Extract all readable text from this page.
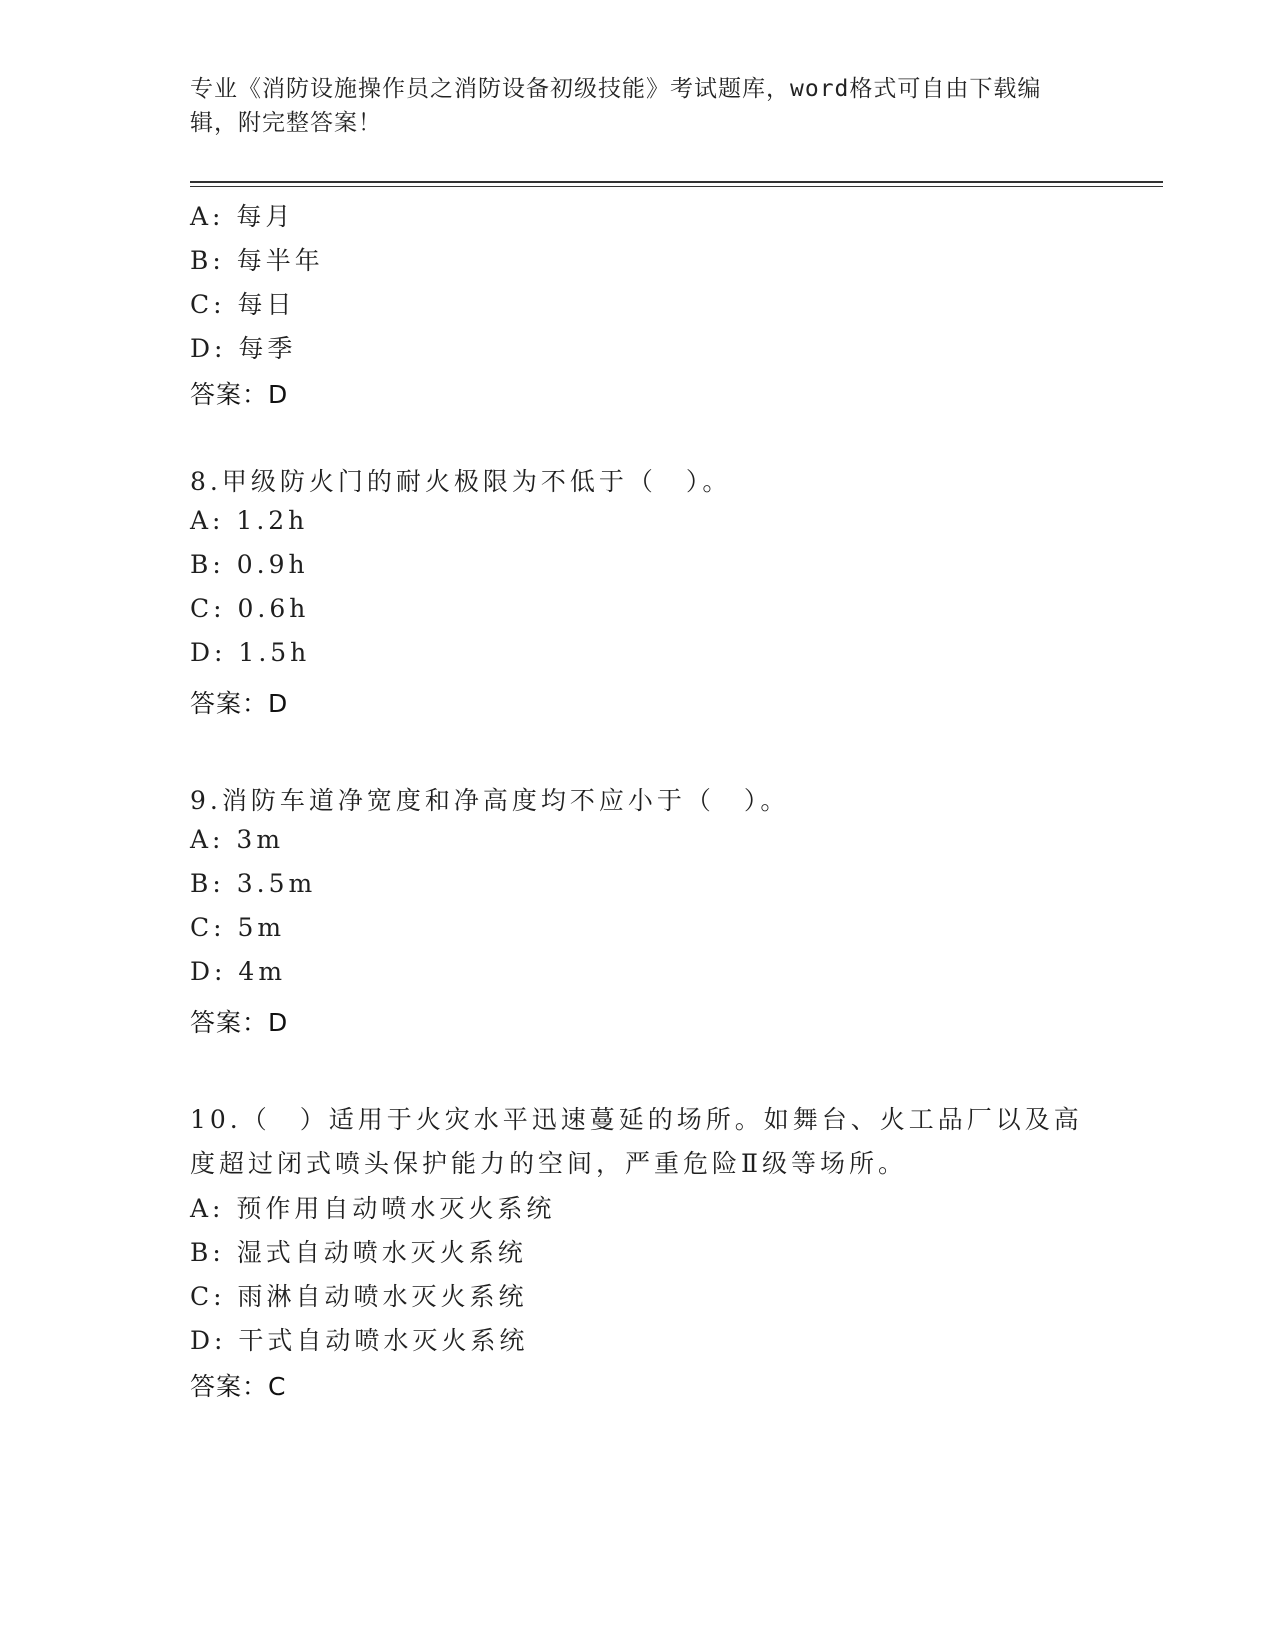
专业《消防设施操作员之消防设备初级技能》考试题库，word格式可自由下载编
辑，附完整答案！
A: 每月
B: 每半年
C: 每日
D: 每季
答案：D
8.甲级防火门的耐火极限为不低于（　）。
A: 1.2h
B: 0.9h
C: 0.6h
D: 1.5h
答案：D
9.消防车道净宽度和净高度均不应小于（　）。
A: 3m
B: 3.5m
C: 5m
D: 4m
答案：D
10.（　）适用于火灾水平迅速蔓延的场所。如舞台、火工品厂以及高
度超过闭式喷头保护能力的空间，严重危险Ⅱ级等场所。
A: 预作用自动喷水灭火系统
B: 湿式自动喷水灭火系统
C: 雨淋自动喷水灭火系统
D: 干式自动喷水灭火系统
答案：C
